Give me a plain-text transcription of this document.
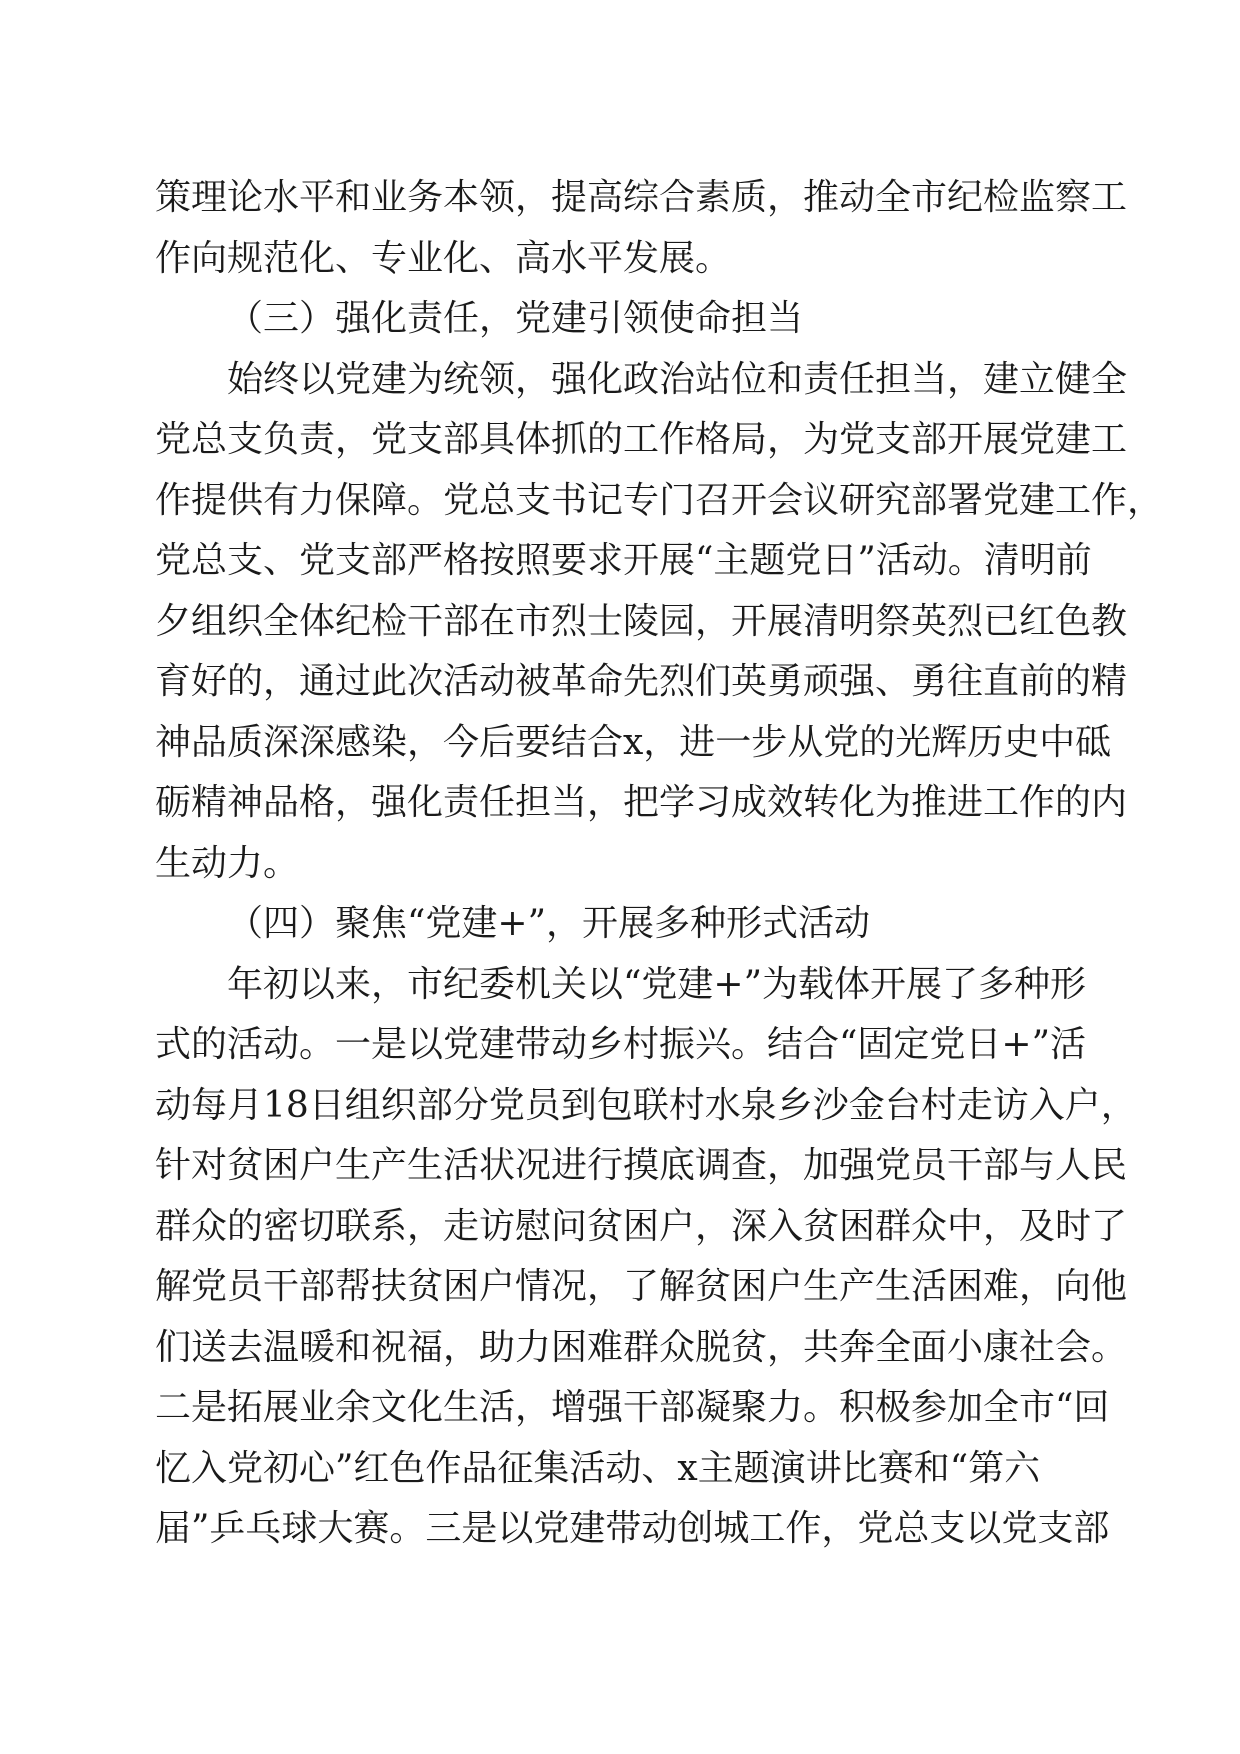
策理论水平和业务本领，提高综合素质，推动全市纪检监察工
作向规范化、专业化、高水平发展。
（三）强化责任，党建引领使命担当
始终以党建为统领，强化政治站位和责任担当，建立健全
党总支负责，党支部具体抓的工作格局，为党支部开展党建工
作提供有力保障。党总支书记专门召开会议研究部署党建工作，
党总支、党支部严格按照要求开展“主题党日”活动。清明前
夕组织全体纪检干部在市烈士陵园，开展清明祭英烈已红色教
育好的，通过此次活动被革命先烈们英勇顽强、勇往直前的精
神品质深深感染，今后要结合x，进一步从党的光辉历史中砥
砺精神品格，强化责任担当，把学习成效转化为推进工作的内
生动力。
（四）聚焦“党建+”，开展多种形式活动
年初以来，市纪委机关以“党建+”为载体开展了多种形
式的活动。一是以党建带动乡村振兴。结合“固定党日+”活
动每月18日组织部分党员到包联村水泉乡沙金台村走访入户，
针对贫困户生产生活状况进行摸底调查，加强党员干部与人民
群众的密切联系，走访慰问贫困户，深入贫困群众中，及时了
解党员干部帮扶贫困户情况，了解贫困户生产生活困难，向他
们送去温暖和祝福，助力困难群众脱贫，共奔全面小康社会。
二是拓展业余文化生活，增强干部凝聚力。积极参加全市“回
忆入党初心”红色作品征集活动、x主题演讲比赛和“第六
届”乒乓球大赛。三是以党建带动创城工作，党总支以党支部
